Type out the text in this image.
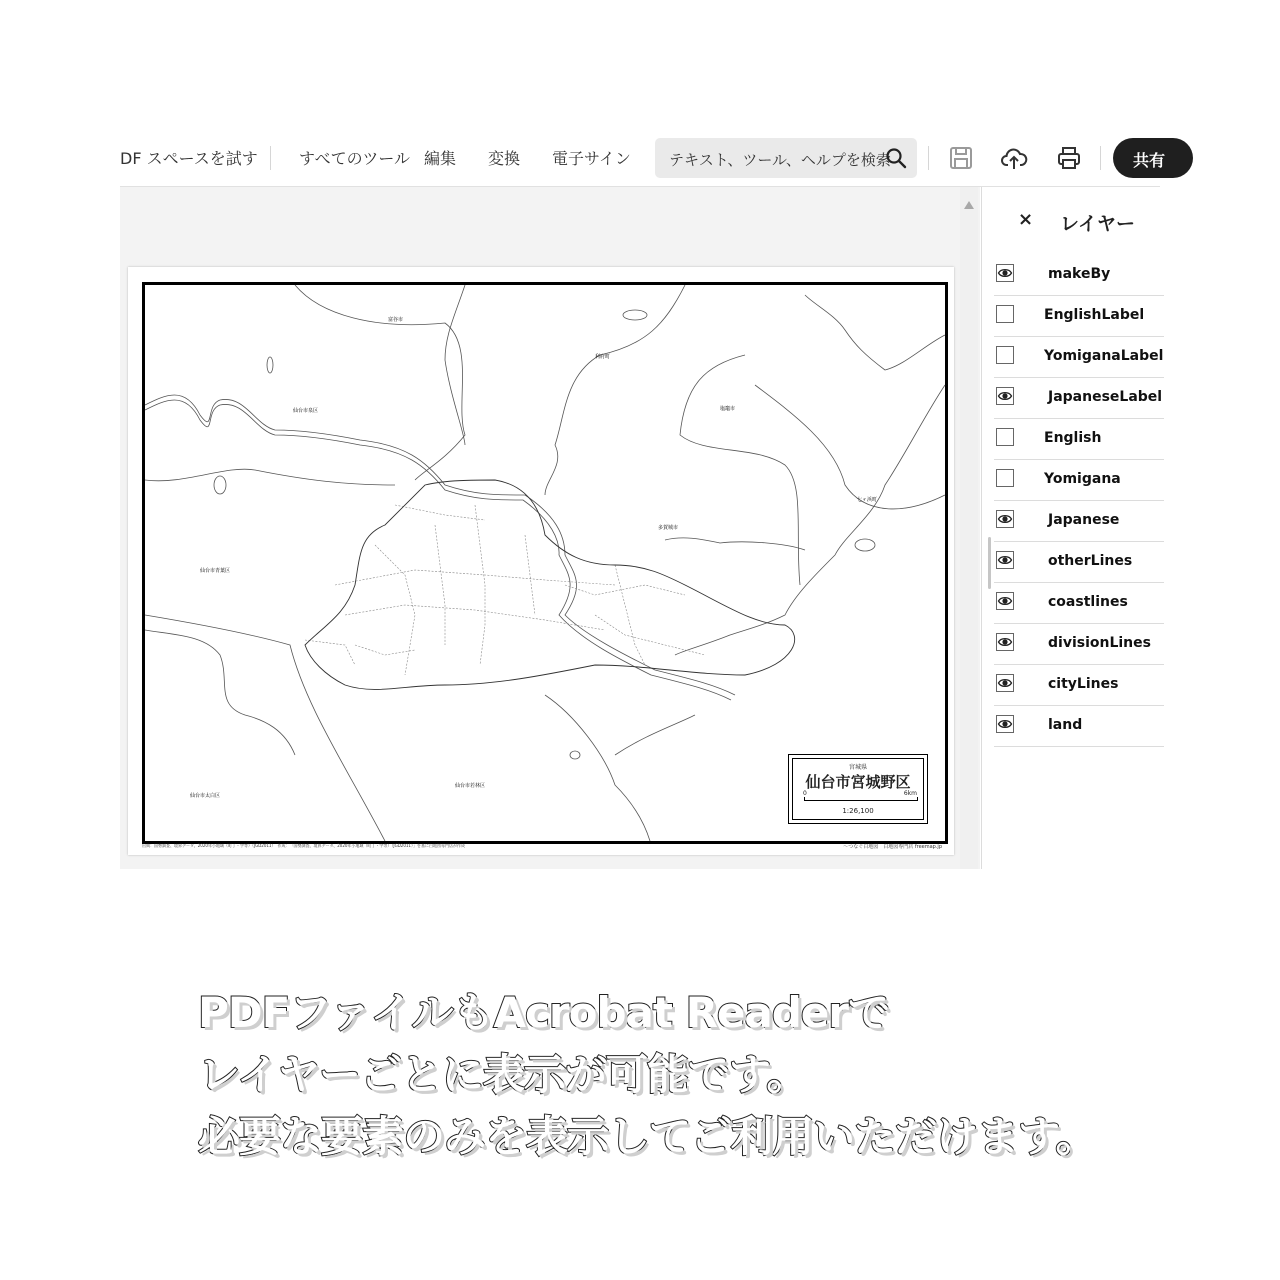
DF スペースを試す	すべてのツール 編集 変換 電子サイン	テキスト、ツール、ヘルプを検索	共有
富谷市
利府町
塩竈市
仙台市泉区
七ヶ浜町
多賀城市
仙台市青葉区
仙台市若林区
仙台市太白区
宮城県
仙台市宮城野区
0	6km
1:26,100
出典：国勢調査、境界データ、2020年小地域（町丁・字等）（JGD2011）　作成：「国勢調査、境界データ、2020年小地域（町丁・字等）（JGD2011）」を基に白地図専門店が作成	〜つなぐ白地図　白地図専門店 freemap.jp
× レイヤー
makeBy
EnglishLabel
YomiganaLabel
JapaneseLabel
English
Yomigana
Japanese
otherLines
coastlines
divisionLines
cityLines
land
PDFファイルもAcrobat Readerで
レイヤーごとに表示が可能です。
必要な要素のみを表示してご利用いただけます。
